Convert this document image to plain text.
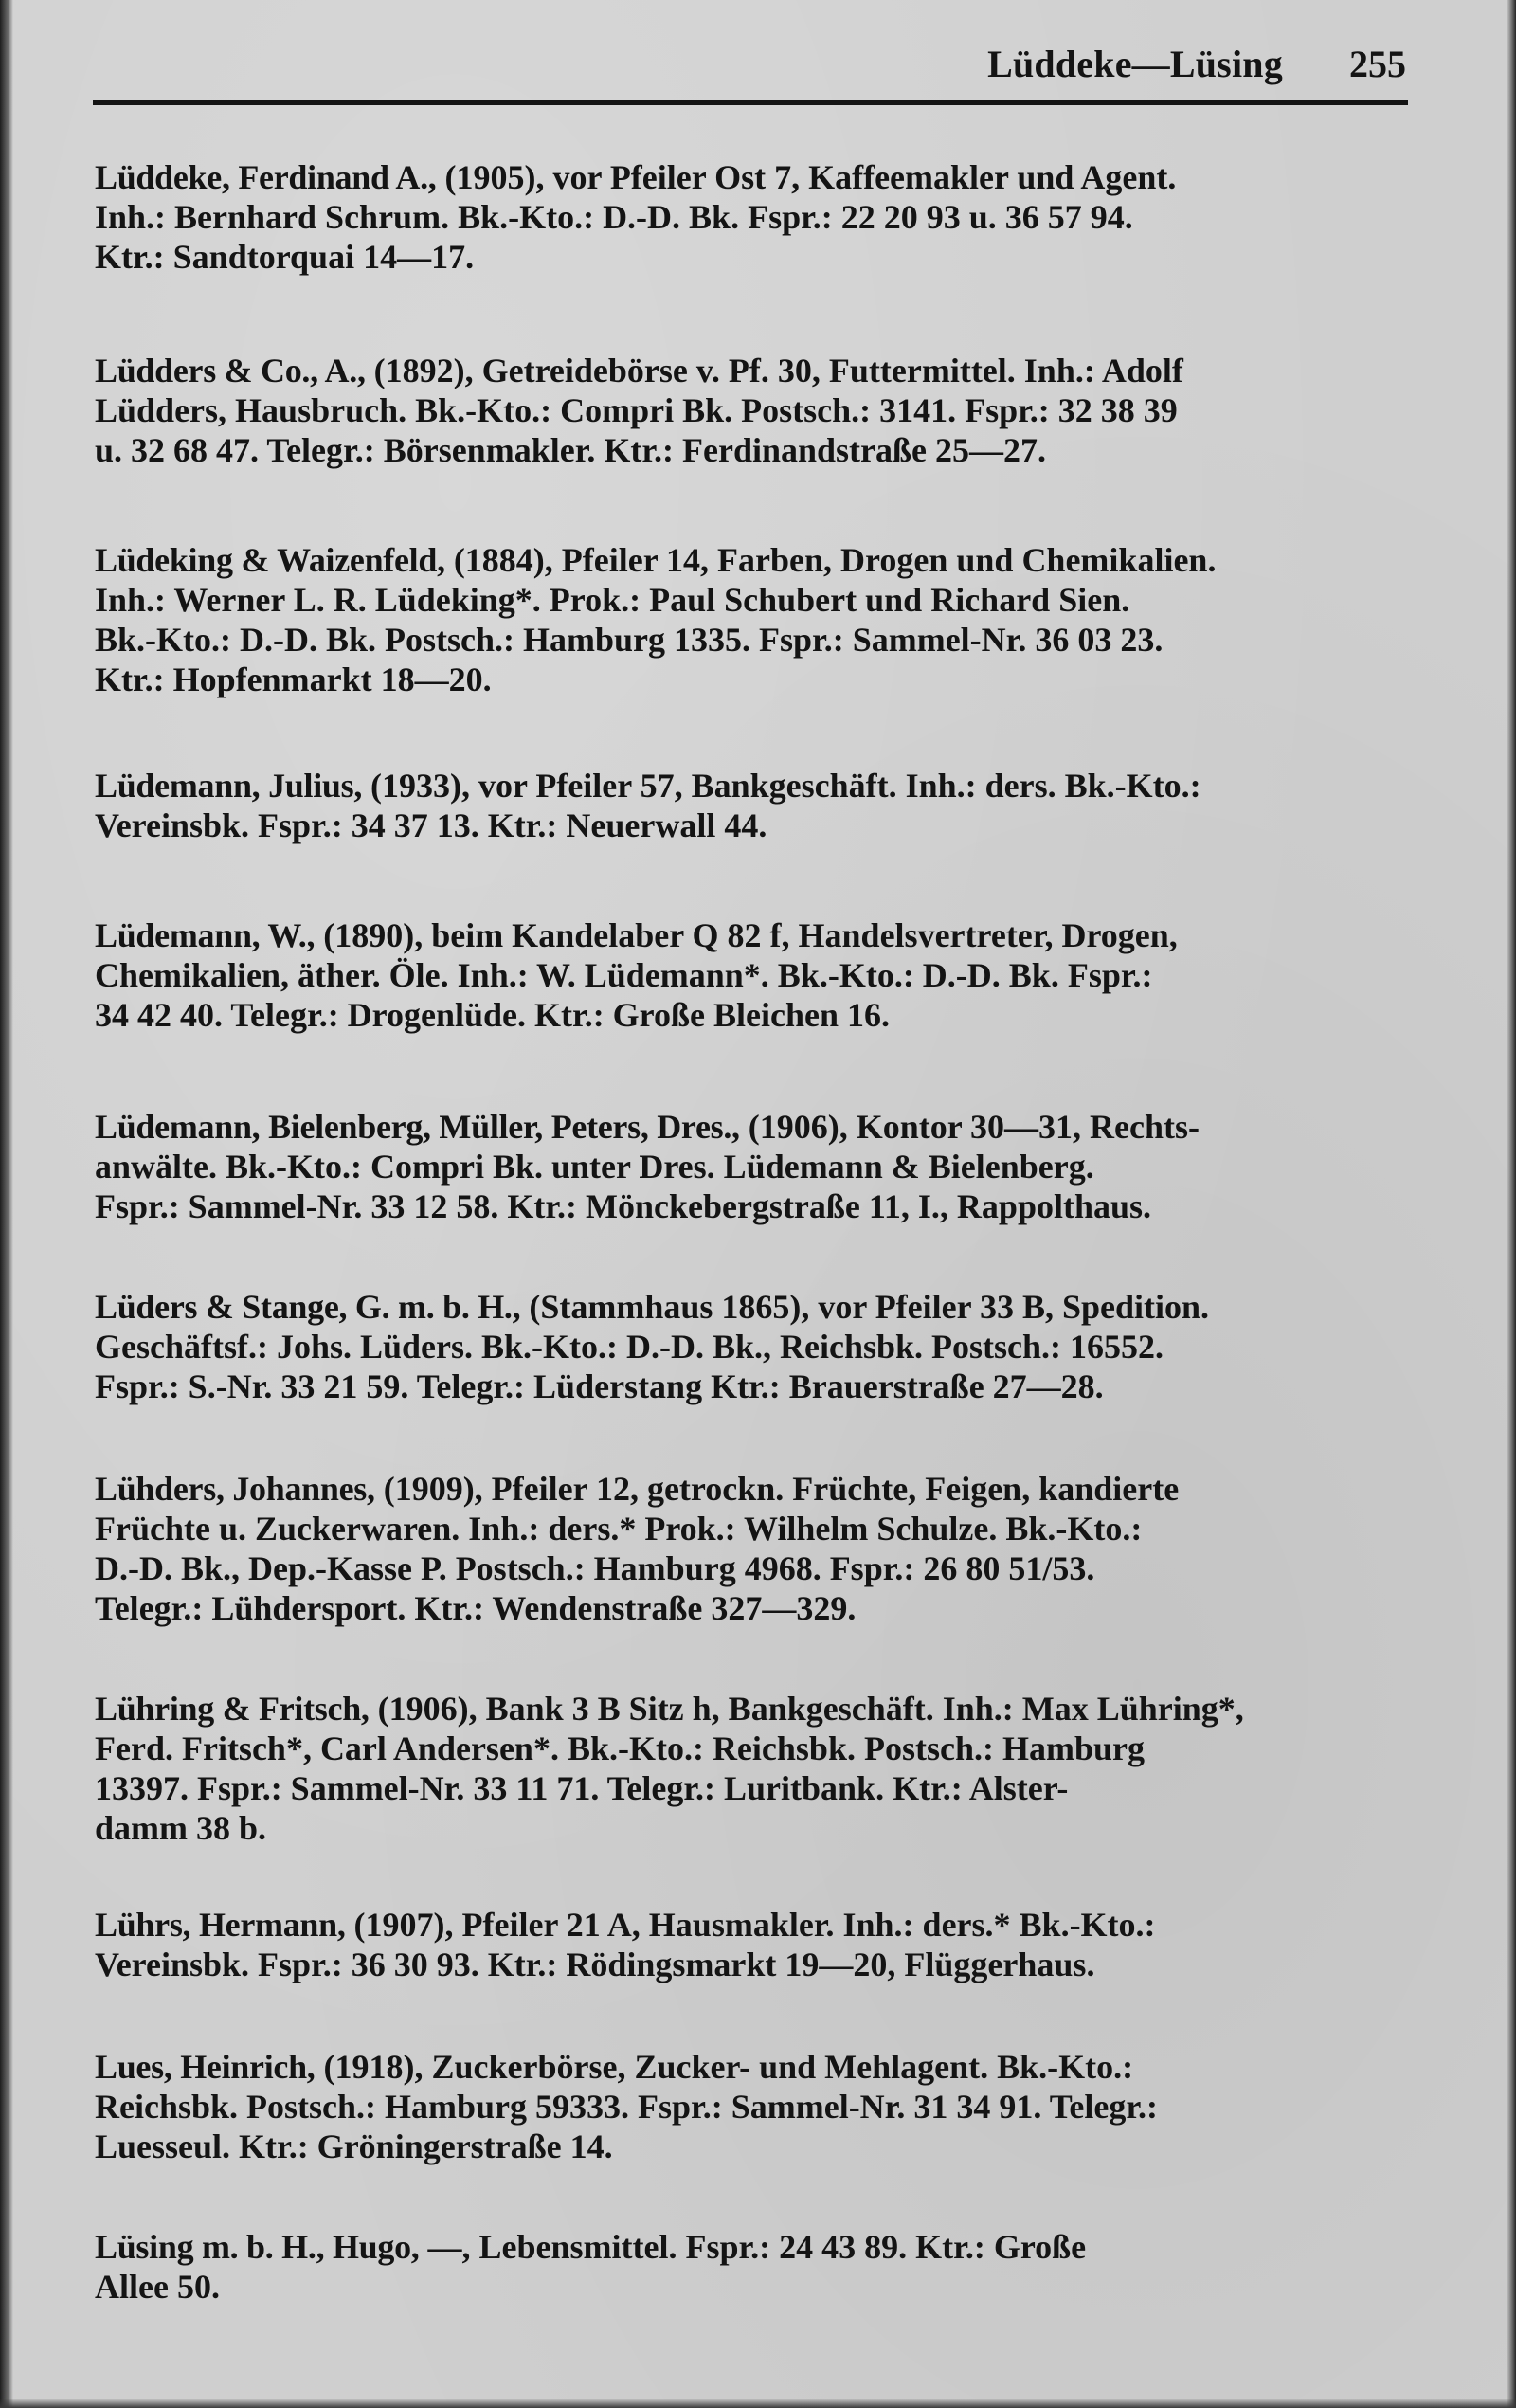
Lüddeke—Lüsing	255
Lüddeke, Ferdinand A., (1905), vor Pfeiler Ost 7, Kaffeemakler und Agent.
Inh.: Bernhard Schrum. Bk.-Kto.: D.-D. Bk. Fspr.: 22 20 93 u. 36 57 94.
Ktr.: Sandtorquai 14—17.
Lüdders & Co., A., (1892), Getreidebörse v. Pf. 30, Futtermittel. Inh.: Adolf
Lüdders, Hausbruch. Bk.-Kto.: Compri Bk. Postsch.: 3141. Fspr.: 32 38 39
u. 32 68 47. Telegr.: Börsenmakler. Ktr.: Ferdinandstraße 25—27.
Lüdeking & Waizenfeld, (1884), Pfeiler 14, Farben, Drogen und Chemikalien.
Inh.: Werner L. R. Lüdeking*. Prok.: Paul Schubert und Richard Sien.
Bk.-Kto.: D.-D. Bk. Postsch.: Hamburg 1335. Fspr.: Sammel-Nr. 36 03 23.
Ktr.: Hopfenmarkt 18—20.
Lüdemann, Julius, (1933), vor Pfeiler 57, Bankgeschäft. Inh.: ders. Bk.-Kto.:
Vereinsbk. Fspr.: 34 37 13. Ktr.: Neuerwall 44.
Lüdemann, W., (1890), beim Kandelaber Q 82 f, Handelsvertreter, Drogen,
Chemikalien, äther. Öle. Inh.: W. Lüdemann*. Bk.-Kto.: D.-D. Bk. Fspr.:
34 42 40. Telegr.: Drogenlüde. Ktr.: Große Bleichen 16.
Lüdemann, Bielenberg, Müller, Peters, Dres., (1906), Kontor 30—31, Rechts-
anwälte. Bk.-Kto.: Compri Bk. unter Dres. Lüdemann & Bielenberg.
Fspr.: Sammel-Nr. 33 12 58. Ktr.: Mönckebergstraße 11, I., Rappolthaus.
Lüders & Stange, G. m. b. H., (Stammhaus 1865), vor Pfeiler 33 B, Spedition.
Geschäftsf.: Johs. Lüders. Bk.-Kto.: D.-D. Bk., Reichsbk. Postsch.: 16552.
Fspr.: S.-Nr. 33 21 59. Telegr.: Lüderstang Ktr.: Brauerstraße 27—28.
Lühders, Johannes, (1909), Pfeiler 12, getrockn. Früchte, Feigen, kandierte
Früchte u. Zuckerwaren. Inh.: ders.* Prok.: Wilhelm Schulze. Bk.-Kto.:
D.-D. Bk., Dep.-Kasse P. Postsch.: Hamburg 4968. Fspr.: 26 80 51/53.
Telegr.: Lühdersport. Ktr.: Wendenstraße 327—329.
Lühring & Fritsch, (1906), Bank 3 B Sitz h, Bankgeschäft. Inh.: Max Lühring*,
Ferd. Fritsch*, Carl Andersen*. Bk.-Kto.: Reichsbk. Postsch.: Hamburg
13397. Fspr.: Sammel-Nr. 33 11 71. Telegr.: Luritbank. Ktr.: Alster-
damm 38 b.
Lührs, Hermann, (1907), Pfeiler 21 A, Hausmakler. Inh.: ders.* Bk.-Kto.:
Vereinsbk. Fspr.: 36 30 93. Ktr.: Rödingsmarkt 19—20, Flüggerhaus.
Lues, Heinrich, (1918), Zuckerbörse, Zucker- und Mehlagent. Bk.-Kto.:
Reichsbk. Postsch.: Hamburg 59333. Fspr.: Sammel-Nr. 31 34 91. Telegr.:
Luesseul. Ktr.: Gröningerstraße 14.
Lüsing m. b. H., Hugo, —, Lebensmittel. Fspr.: 24 43 89. Ktr.: Große
Allee 50.
